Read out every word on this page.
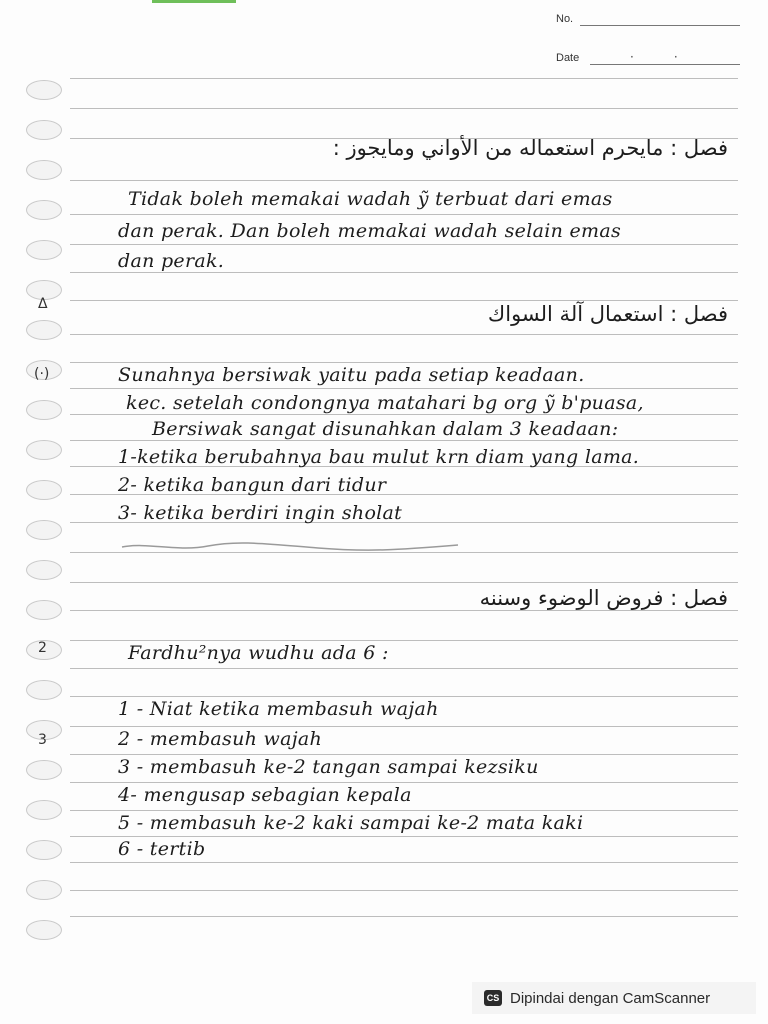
No.
Date	··
Δ
(·)
2
3
فصل : مايحرم استعماله من الأواني ومايجوز :
Tidak boleh memakai wadah ỹ terbuat dari emas
dan perak. Dan boleh memakai wadah selain emas
dan perak.
فصل : استعمال آلة السواك
Sunahnya bersiwak yaitu pada setiap keadaan.
kec. setelah condongnya matahari bg org ỹ b'puasa,
Bersiwak sangat disunahkan dalam 3 keadaan:
1-ketika berubahnya bau mulut krn diam yang lama.
2- ketika bangun dari tidur
3- ketika berdiri ingin sholat
فصل : فروض الوضوء وسننه
Fardhu²nya wudhu ada 6 :
1 - Niat ketika membasuh wajah
2 - membasuh wajah
3 - membasuh ke-2 tangan sampai kezsiku
4- mengusap sebagian kepala
5 - membasuh ke-2 kaki sampai ke-2 mata kaki
6 - tertib
CS Dipindai dengan CamScanner
